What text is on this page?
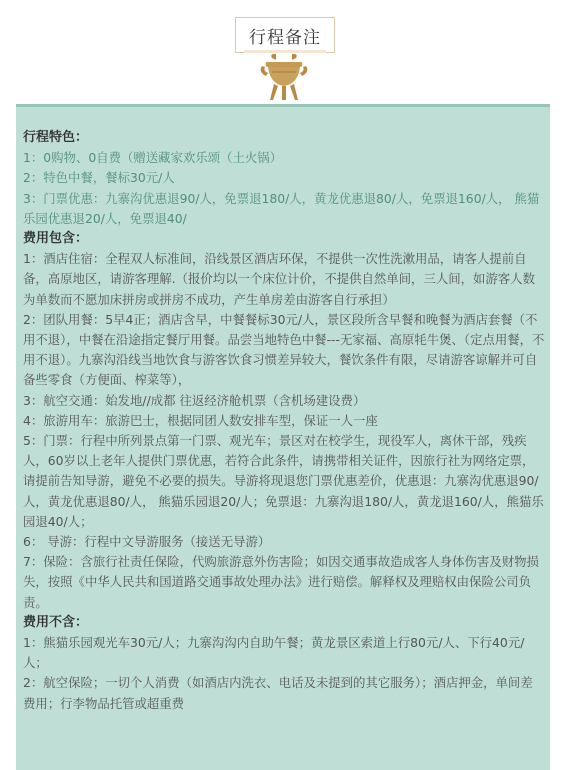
行程备注
行程特色：
1：0购物、0自费（赠送藏家欢乐颂（土火锅）
2：特色中餐，餐标30元/人
3：门票优惠：九寨沟优惠退90/人，免票退180/人，黄龙优惠退80/人，免票退160/人， 熊猫乐园优惠退20/人，免票退40/
费用包含：
1：酒店住宿：全程双人标准间，沿线景区酒店环保，不提供一次性洗漱用品，请客人提前自备，高原地区，请游客理解.（报价均以一个床位计价，不提供自然单间，三人间，如游客人数为单数而不愿加床拼房或拼房不成功，产生单房差由游客自行承担）
2：团队用餐：5早4正；酒店含早，中餐餐标30元/人，景区段所含早餐和晚餐为酒店套餐（不用不退），中餐在沿途指定餐厅用餐。品尝当地特色中餐---无家福、高原牦牛煲、（定点用餐，不用不退）。九寨沟沿线当地饮食与游客饮食习惯差异较大，餐饮条件有限，尽请游客谅解并可自备些零食（方便面、榨菜等），
3：航空交通：始发地//成都 往返经济舱机票（含机场建设费）
4：旅游用车：旅游巴士，根据同团人数安排车型，保证一人一座
5：门票：行程中所列景点第一门票、观光车；景区对在校学生，现役军人，离休干部，残疾人，60岁以上老年人提供门票优惠，若符合此条件，请携带相关证件，因旅行社为网络定票，请提前告知导游，避免不必要的损失。导游将现退您门票优惠差价，优惠退：九寨沟优惠退90/人，黄龙优惠退80/人， 熊猫乐园退20/人；免票退：九寨沟退180/人，黄龙退160/人，熊猫乐园退40/人；
6： 导游：行程中文导游服务（接送无导游）
7：保险：含旅行社责任保险，代购旅游意外伤害险；如因交通事故造成客人身体伤害及财物损失，按照《中华人民共和国道路交通事故处理办法》进行赔偿。解释权及理赔权由保险公司负责。
费用不含：
1：熊猫乐园观光车30元/人；九寨沟沟内自助午餐；黄龙景区索道上行80元/人、下行40元/人；
2：航空保险；一切个人消费（如酒店内洗衣、电话及未提到的其它服务）；酒店押金，单间差费用；行李物品托管或超重费
